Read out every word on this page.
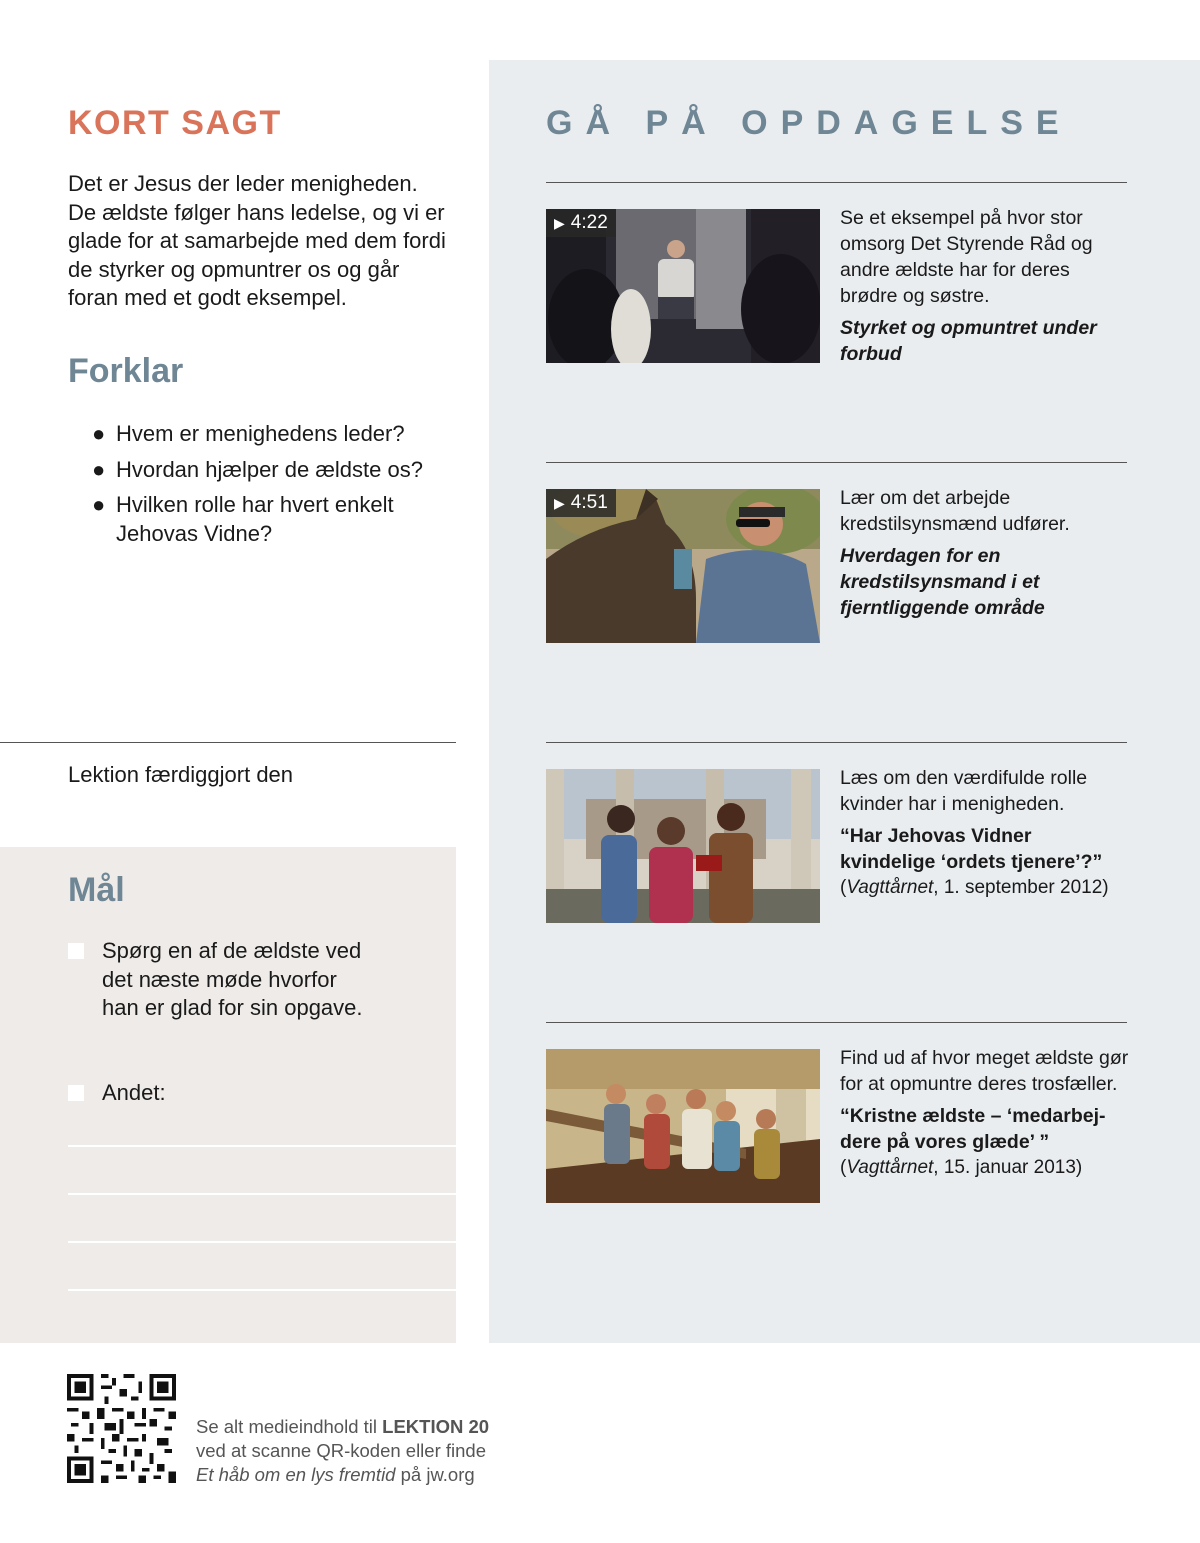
KORT SAGT

Det er Jesus der leder menigheden. De ældste følger hans ledelse, og vi er glade for at samarbejde med dem fordi de styrker og opmuntrer os og går foran med et godt eksempel.

Forklar
● Hvem er menighedens leder?
● Hvordan hjælper de ældste os?
● Hvilken rolle har hvert enkelt Jehovas Vidne?

Lektion færdiggjort den

Mål
Spørg en af de ældste ved det næste møde hvorfor han er glad for sin opgave.
Andet:
GÅ PÅ OPDAGELSE
▶ 4:22	Se et eksempel på hvor stor omsorg Det Styrende Råd og andre ældste har for deres brødre og søstre.

Styrket og opmuntret under forbud

▶ 4:51	Lær om det arbejde kredstilsynsmænd udfører.

Hverdagen for en kredstilsynsmand i et fjerntliggende område

Læs om den værdifulde rolle kvinder har i menigheden.

“Har Jehovas Vidner kvindelige ‘ordets tjenere’?”

(Vagttårnet, 1. september 2012)

Find ud af hvor meget ældste gør for at opmuntre deres trosfæller.

“Kristne ældste – ‘medarbej-dere på vores glæde’ ”

(Vagttårnet, 15. januar 2013)

Se alt medieindhold til LEKTION 20
ved at scanne QR-koden eller finde
Et håb om en lys fremtid på jw.org
